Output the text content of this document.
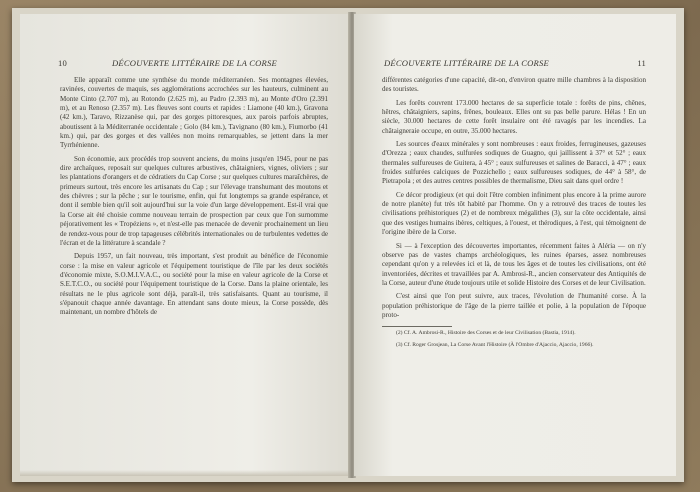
10	DÉCOUVERTE LITTÉRAIRE DE LA CORSE

Elle apparaît comme une synthèse du monde méditerranéen. Ses montagnes élevées, ravinées, couvertes de maquis, ses agglomérations accrochées sur les hauteurs, culminent au Monte Cinto (2.707 m), au Rotondo (2.625 m), au Padro (2.393 m), au Monte d'Oro (2.391 m), et au Renoso (2.357 m). Les fleuves sont courts et rapides : Liamone (40 km.), Gravona (42 km.), Taravo, Rizzanèse qui, par des gorges pittoresques, aux parois parfois abruptes, aboutissent à la Méditerranée occidentale ; Golo (84 km.), Tavignano (80 km.), Fiumorbo (41 km.) qui, par des gorges et des vallées non moins remarquables, se jettent dans la mer Tyrrhénienne.

Son économie, aux procédés trop souvent anciens, du moins jusqu'en 1945, pour ne pas dire archaïques, reposait sur quelques cultures arbustives, châtaigniers, vignes, oliviers ; sur les plantations d'orangers et de cédratiers du Cap Corse ; sur quelques cultures maraîchères, de primeurs surtout, très encore les artisanats du Cap ; sur l'élevage transhumant des moutons et des chèvres ; sur la pêche ; sur le tourisme, enfin, qui fut longtemps sa grande espérance, et dont il semble bien qu'il soit aujourd'hui sur la voie d'un large développement. Est-il vrai que la Corse ait été choisie comme nouveau terrain de prospection par ceux que l'on surnomme péjorativement les « Tropéziens », et n'est-elle pas menacée de devenir prochainement un lieu de rendez-vous pour de trop tapageuses célébrités internationales ou de turbulentes vedettes de l'écran et de la littérature à scandale ?

Depuis 1957, un fait nouveau, très important, s'est produit au bénéfice de l'économie corse : la mise en valeur agricole et l'équipement touristique de l'île par les deux sociétés d'économie mixte, S.O.M.I.V.A.C., ou société pour la mise en valeur agricole de la Corse et S.E.T.C.O., ou société pour l'équipement touristique de la Corse. Dans la plaine orientale, les résultats ne le plus agricole sont déjà, paraît-il, très satisfaisants. Quant au tourisme, il s'épanouit chaque année davantage. En attendant sans doute mieux, la Corse possède, dès maintenant, un nombre d'hôtels de

DÉCOUVERTE LITTÉRAIRE DE LA CORSE	11

différentes catégories d'une capacité, dit-on, d'environ quatre mille chambres à la disposition des touristes.

Les forêts couvrent 173.000 hectares de sa superficie totale : forêts de pins, chênes, hêtres, châtaigniers, sapins, frênes, bouleaux. Elles ont su pas belle parure. Hélas ! En un siècle, 30.000 hectares de cette forêt insulaire ont été ravagés par les incendies. La châtaigneraie occupe, en outre, 35.000 hectares.

Les sources d'eaux minérales y sont nombreuses : eaux froides, ferrugineuses, gazeuses d'Orezza ; eaux chaudes, sulfurées sodiques de Guagno, qui jaillissent à 37° et 52° ; eaux thermales sulfureuses de Guitera, à 45° ; eaux sulfureuses et salines de Baracci, à 47° ; eaux froides sulfurées calciques de Pozzichello ; eaux sulfureuses sodiques, de 44° à 58°, de Pietrapola ; et des autres centres possibles de thermalisme, Dieu sait dans quel ordre !

Ce décor prodigieux (et qui doit l'être combien infiniment plus encore à la prime aurore de notre planète) fut très tôt habité par l'homme. On y a retrouvé des traces de toutes les civilisations préhistoriques (2) et de nombreux mégalithes (3), sur la côte occidentale, ainsi que des vestiges humains ibères, celtiques, à l'ouest, et thérodiques, à l'est, qui témoignent de l'origine ibère de la Corse.

Si — à l'exception des découvertes importantes, récemment faites à Aléria — on n'y observe pas de vastes champs archéologiques, les ruines éparses, assez nombreuses cependant qu'on y a relevées ici et là, de tous les âges et de toutes les civilisations, ont été inventoriées, décrites et travaillées par A. Ambrosi-R., ancien conservateur des Antiquités de la Corse, auteur d'une étude toujours utile et solide Histoire des Corses et de leur Civilisation.

C'est ainsi que l'on peut suivre, aux traces, l'évolution de l'humanité corse. À la population préhistorique de l'âge de la pierre taillée et polie, à la population de l'époque proto-

(2) Cf. A. Ambrosi-R., Histoire des Corses et de leur Civilisation (Bastia, 1914).

(3) Cf. Roger Grosjean, La Corse Avant l'Histoire (À l'Ombre d'Ajaccio, Ajaccio, 1966).
